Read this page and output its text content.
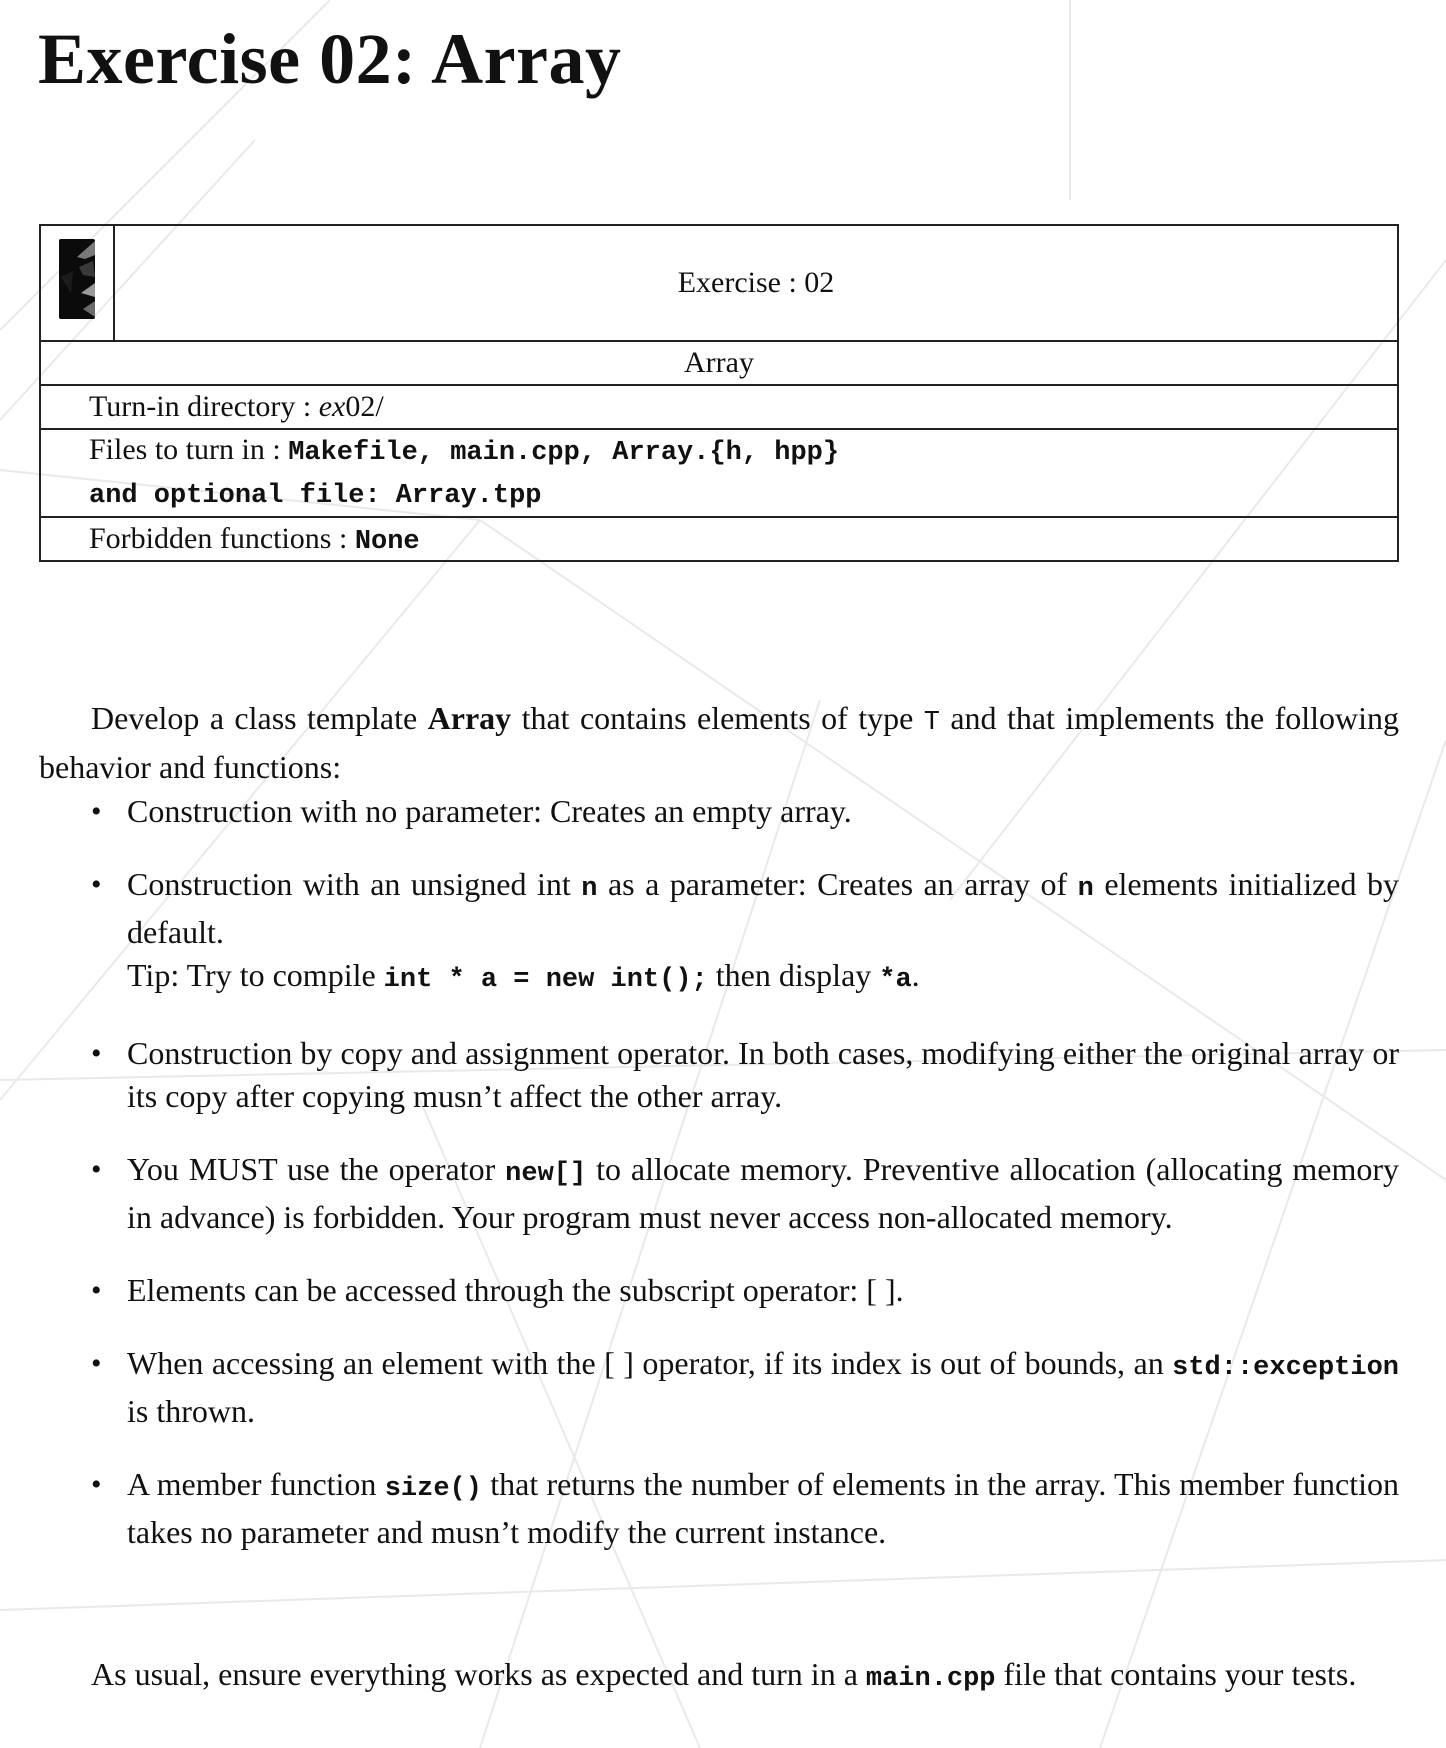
Exercise 02: Array
	Exercise : 02
Array
Turn-in directory : ex02/

Files to turn in : Makefile, main.cpp, Array.{h, hpp}
and optional file: Array.tpp

Forbidden functions : None

Develop a class template Array that contains elements of type T and that implements the following behavior and functions:

• Construction with no parameter: Creates an empty array.
• Construction with an unsigned int n as a parameter: Creates an array of n elements initialized by default.
Tip: Try to compile int * a = new int(); then display *a.
• Construction by copy and assignment operator. In both cases, modifying either the original array or its copy after copying musn’t affect the other array.
• You MUST use the operator new[] to allocate memory. Preventive allocation (allocating memory in advance) is forbidden. Your program must never access non-allocated memory.
• Elements can be accessed through the subscript operator: [ ].
• When accessing an element with the [ ] operator, if its index is out of bounds, an std::exception is thrown.
• A member function size() that returns the number of elements in the array. This member function takes no parameter and musn’t modify the current instance.

As usual, ensure everything works as expected and turn in a main.cpp file that contains your tests.
